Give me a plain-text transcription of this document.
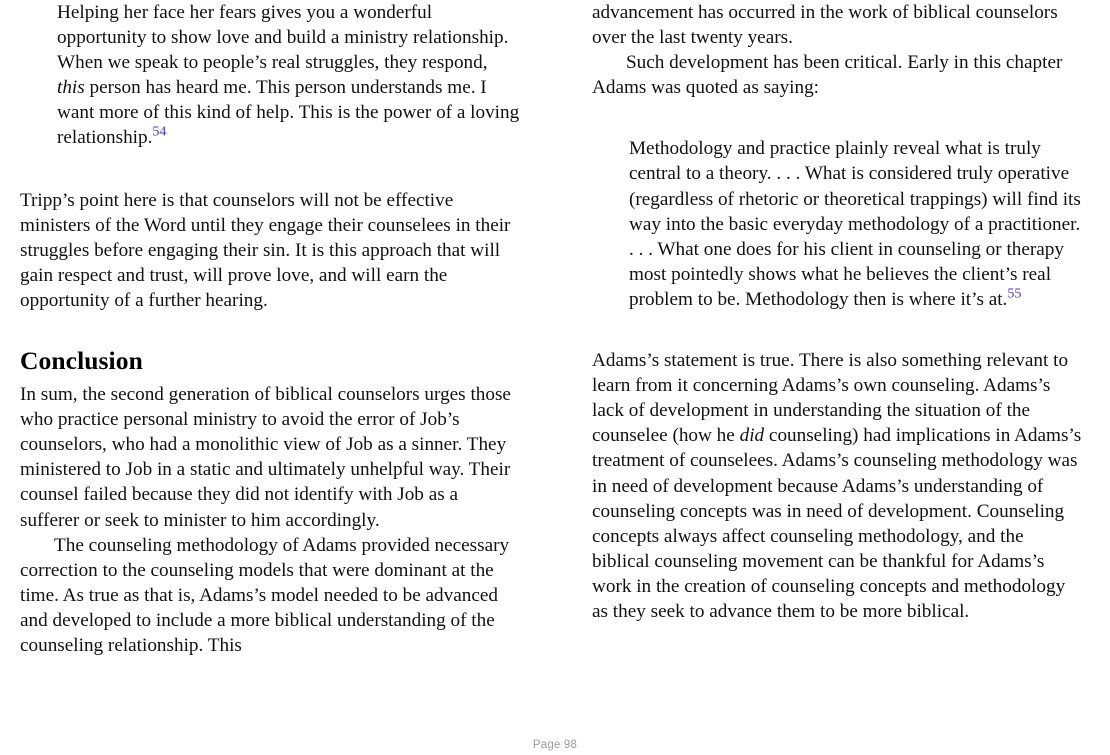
Helping her face her fears gives you a wonderful opportunity to show love and build a ministry relationship. When we speak to people’s real struggles, they respond, this person has heard me. This person understands me. I want more of this kind of help. This is the power of a loving relationship.$^{54}$

Tripp’s point here is that counselors will not be effective ministers of the Word until they engage their counselees in their struggles before engaging their sin. It is this approach that will gain respect and trust, will prove love, and will earn the opportunity of a further hearing.

Conclusion

In sum, the second generation of biblical counselors urges those who practice personal ministry to avoid the error of Job’s counselors, who had a monolithic view of Job as a sinner. They ministered to Job in a static and ultimately unhelpful way. Their counsel failed because they did not identify with Job as a sufferer or seek to minister to him accordingly.

The counseling methodology of Adams provided necessary correction to the counseling models that were dominant at the time. As true as that is, Adams’s model needed to be advanced and developed to include a more biblical understanding of the counseling relationship. This

advancement has occurred in the work of biblical counselors over the last twenty years.

Such development has been critical. Early in this chapter Adams was quoted as saying:

Methodology and practice plainly reveal what is truly central to a theory. . . . What is considered truly operative (regardless of rhetoric or theoretical trappings) will find its way into the basic everyday methodology of a practitioner. . . . What one does for his client in counseling or therapy most pointedly shows what he believes the client’s real problem to be. Methodology then is where it’s at.$^{55}$

Adams’s statement is true. There is also something relevant to learn from it concerning Adams’s own counseling. Adams’s lack of development in understanding the situation of the counselee (how he did counseling) had implications in Adams’s treatment of counselees. Adams’s counseling methodology was in need of development because Adams’s understanding of counseling concepts was in need of development. Counseling concepts always affect counseling methodology, and the biblical counseling movement can be thankful for Adams’s work in the creation of counseling concepts and methodology as they seek to advance them to be more biblical.

Page 98
